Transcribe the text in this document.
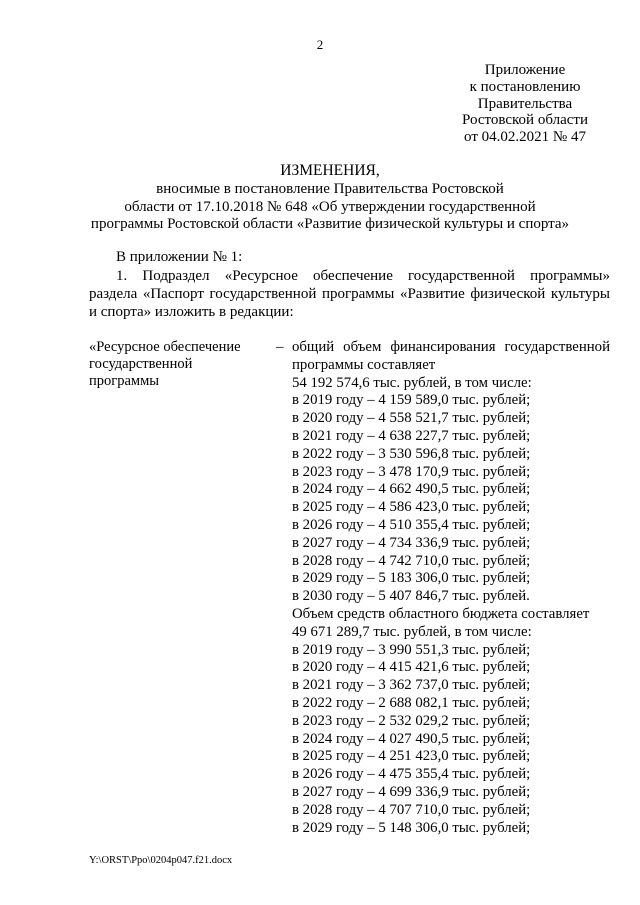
2
Приложение
к постановлению
Правительства
Ростовской области
от 04.02.2021 № 47
ИЗМЕНЕНИЯ,
вносимые в постановление Правительства Ростовской
области от 17.10.2018 № 648 «Об утверждении государственной
программы Ростовской области «Развитие физической культуры и спорта»
В приложении № 1:
1. Подраздел «Ресурсное обеспечение государственной программы»
раздела «Паспорт государственной программы «Развитие физической культуры
и спорта» изложить в редакции:
«Ресурсное обеспечение
государственной
программы
– общий объем финансирования государственной
программы составляет
54 192 574,6 тыс. рублей, в том числе:
в 2019 году – 4 159 589,0 тыс. рублей;
в 2020 году – 4 558 521,7 тыс. рублей;
в 2021 году – 4 638 227,7 тыс. рублей;
в 2022 году – 3 530 596,8 тыс. рублей;
в 2023 году – 3 478 170,9 тыс. рублей;
в 2024 году – 4 662 490,5 тыс. рублей;
в 2025 году – 4 586 423,0 тыс. рублей;
в 2026 году – 4 510 355,4 тыс. рублей;
в 2027 году – 4 734 336,9 тыс. рублей;
в 2028 году – 4 742 710,0 тыс. рублей;
в 2029 году – 5 183 306,0 тыс. рублей;
в 2030 году – 5 407 846,7 тыс. рублей.
Объем средств областного бюджета составляет
49 671 289,7 тыс. рублей, в том числе:
в 2019 году – 3 990 551,3 тыс. рублей;
в 2020 году – 4 415 421,6 тыс. рублей;
в 2021 году – 3 362 737,0 тыс. рублей;
в 2022 году – 2 688 082,1 тыс. рублей;
в 2023 году – 2 532 029,2 тыс. рублей;
в 2024 году – 4 027 490,5 тыс. рублей;
в 2025 году – 4 251 423,0 тыс. рублей;
в 2026 году – 4 475 355,4 тыс. рублей;
в 2027 году – 4 699 336,9 тыс. рублей;
в 2028 году – 4 707 710,0 тыс. рублей;
в 2029 году – 5 148 306,0 тыс. рублей;
Y:\ORST\Ppo\0204p047.f21.docx
